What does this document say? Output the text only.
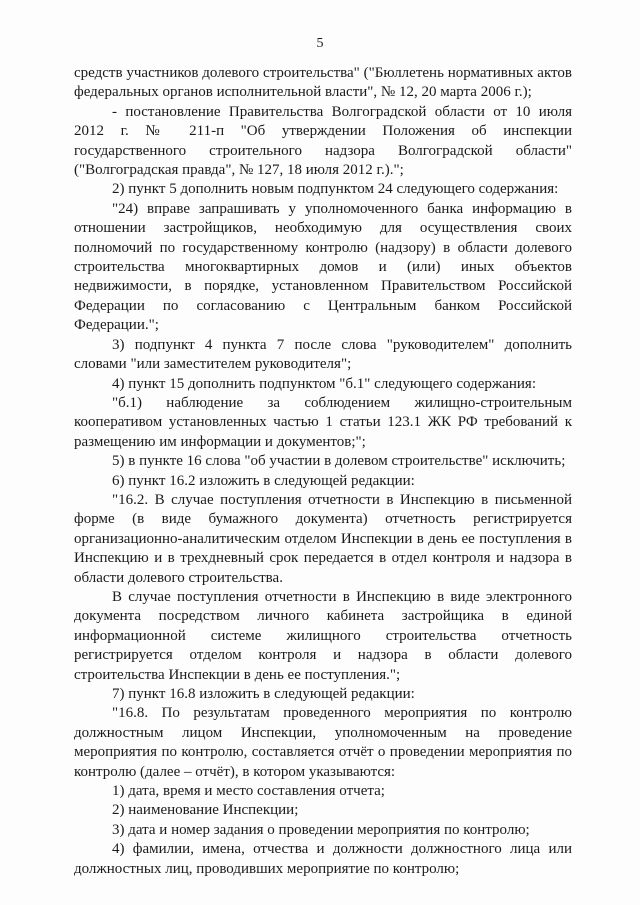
5

средств участников долевого строительства" ("Бюллетень нормативных актов федеральных органов исполнительной власти", № 12, 20 марта 2006 г.);

- постановление Правительства Волгоградской области от 10 июля 2012 г. № 211-п "Об утверждении Положения об инспекции государственного строительного надзора Волгоградской области" ("Волгоградская правда", № 127, 18 июля 2012 г.).";

2) пункт 5 дополнить новым подпунктом 24 следующего содержания:

"24) вправе запрашивать у уполномоченного банка информацию в отношении застройщиков, необходимую для осуществления своих полномочий по государственному контролю (надзору) в области долевого строительства многоквартирных домов и (или) иных объектов недвижимости, в порядке, установленном Правительством Российской Федерации по согласованию с Центральным банком Российской Федерации.";

3) подпункт 4 пункта 7 после слова "руководителем" дополнить словами "или заместителем руководителя";

4) пункт 15 дополнить подпунктом "б.1" следующего содержания:

"б.1) наблюдение за соблюдением жилищно-строительным кооперативом установленных частью 1 статьи 123.1 ЖК РФ требований к размещению им информации и документов;";

5) в пункте 16 слова "об участии в долевом строительстве" исключить;

6) пункт 16.2 изложить в следующей редакции:

"16.2. В случае поступления отчетности в Инспекцию в письменной форме (в виде бумажного документа) отчетность регистрируется организационно-аналитическим отделом Инспекции в день ее поступления в Инспекцию и в трехдневный срок передается в отдел контроля и надзора в области долевого строительства.

В случае поступления отчетности в Инспекцию в виде электронного документа посредством личного кабинета застройщика в единой информационной системе жилищного строительства отчетность регистрируется отделом контроля и надзора в области долевого строительства Инспекции в день ее поступления.";

7) пункт 16.8 изложить в следующей редакции:

"16.8. По результатам проведенного мероприятия по контролю должностным лицом Инспекции, уполномоченным на проведение мероприятия по контролю, составляется отчёт о проведении мероприятия по контролю (далее – отчёт), в котором указываются:

1) дата, время и место составления отчета;

2) наименование Инспекции;

3) дата и номер задания о проведении мероприятия по контролю;

4) фамилии, имена, отчества и должности должностного лица или должностных лиц, проводивших мероприятие по контролю;
